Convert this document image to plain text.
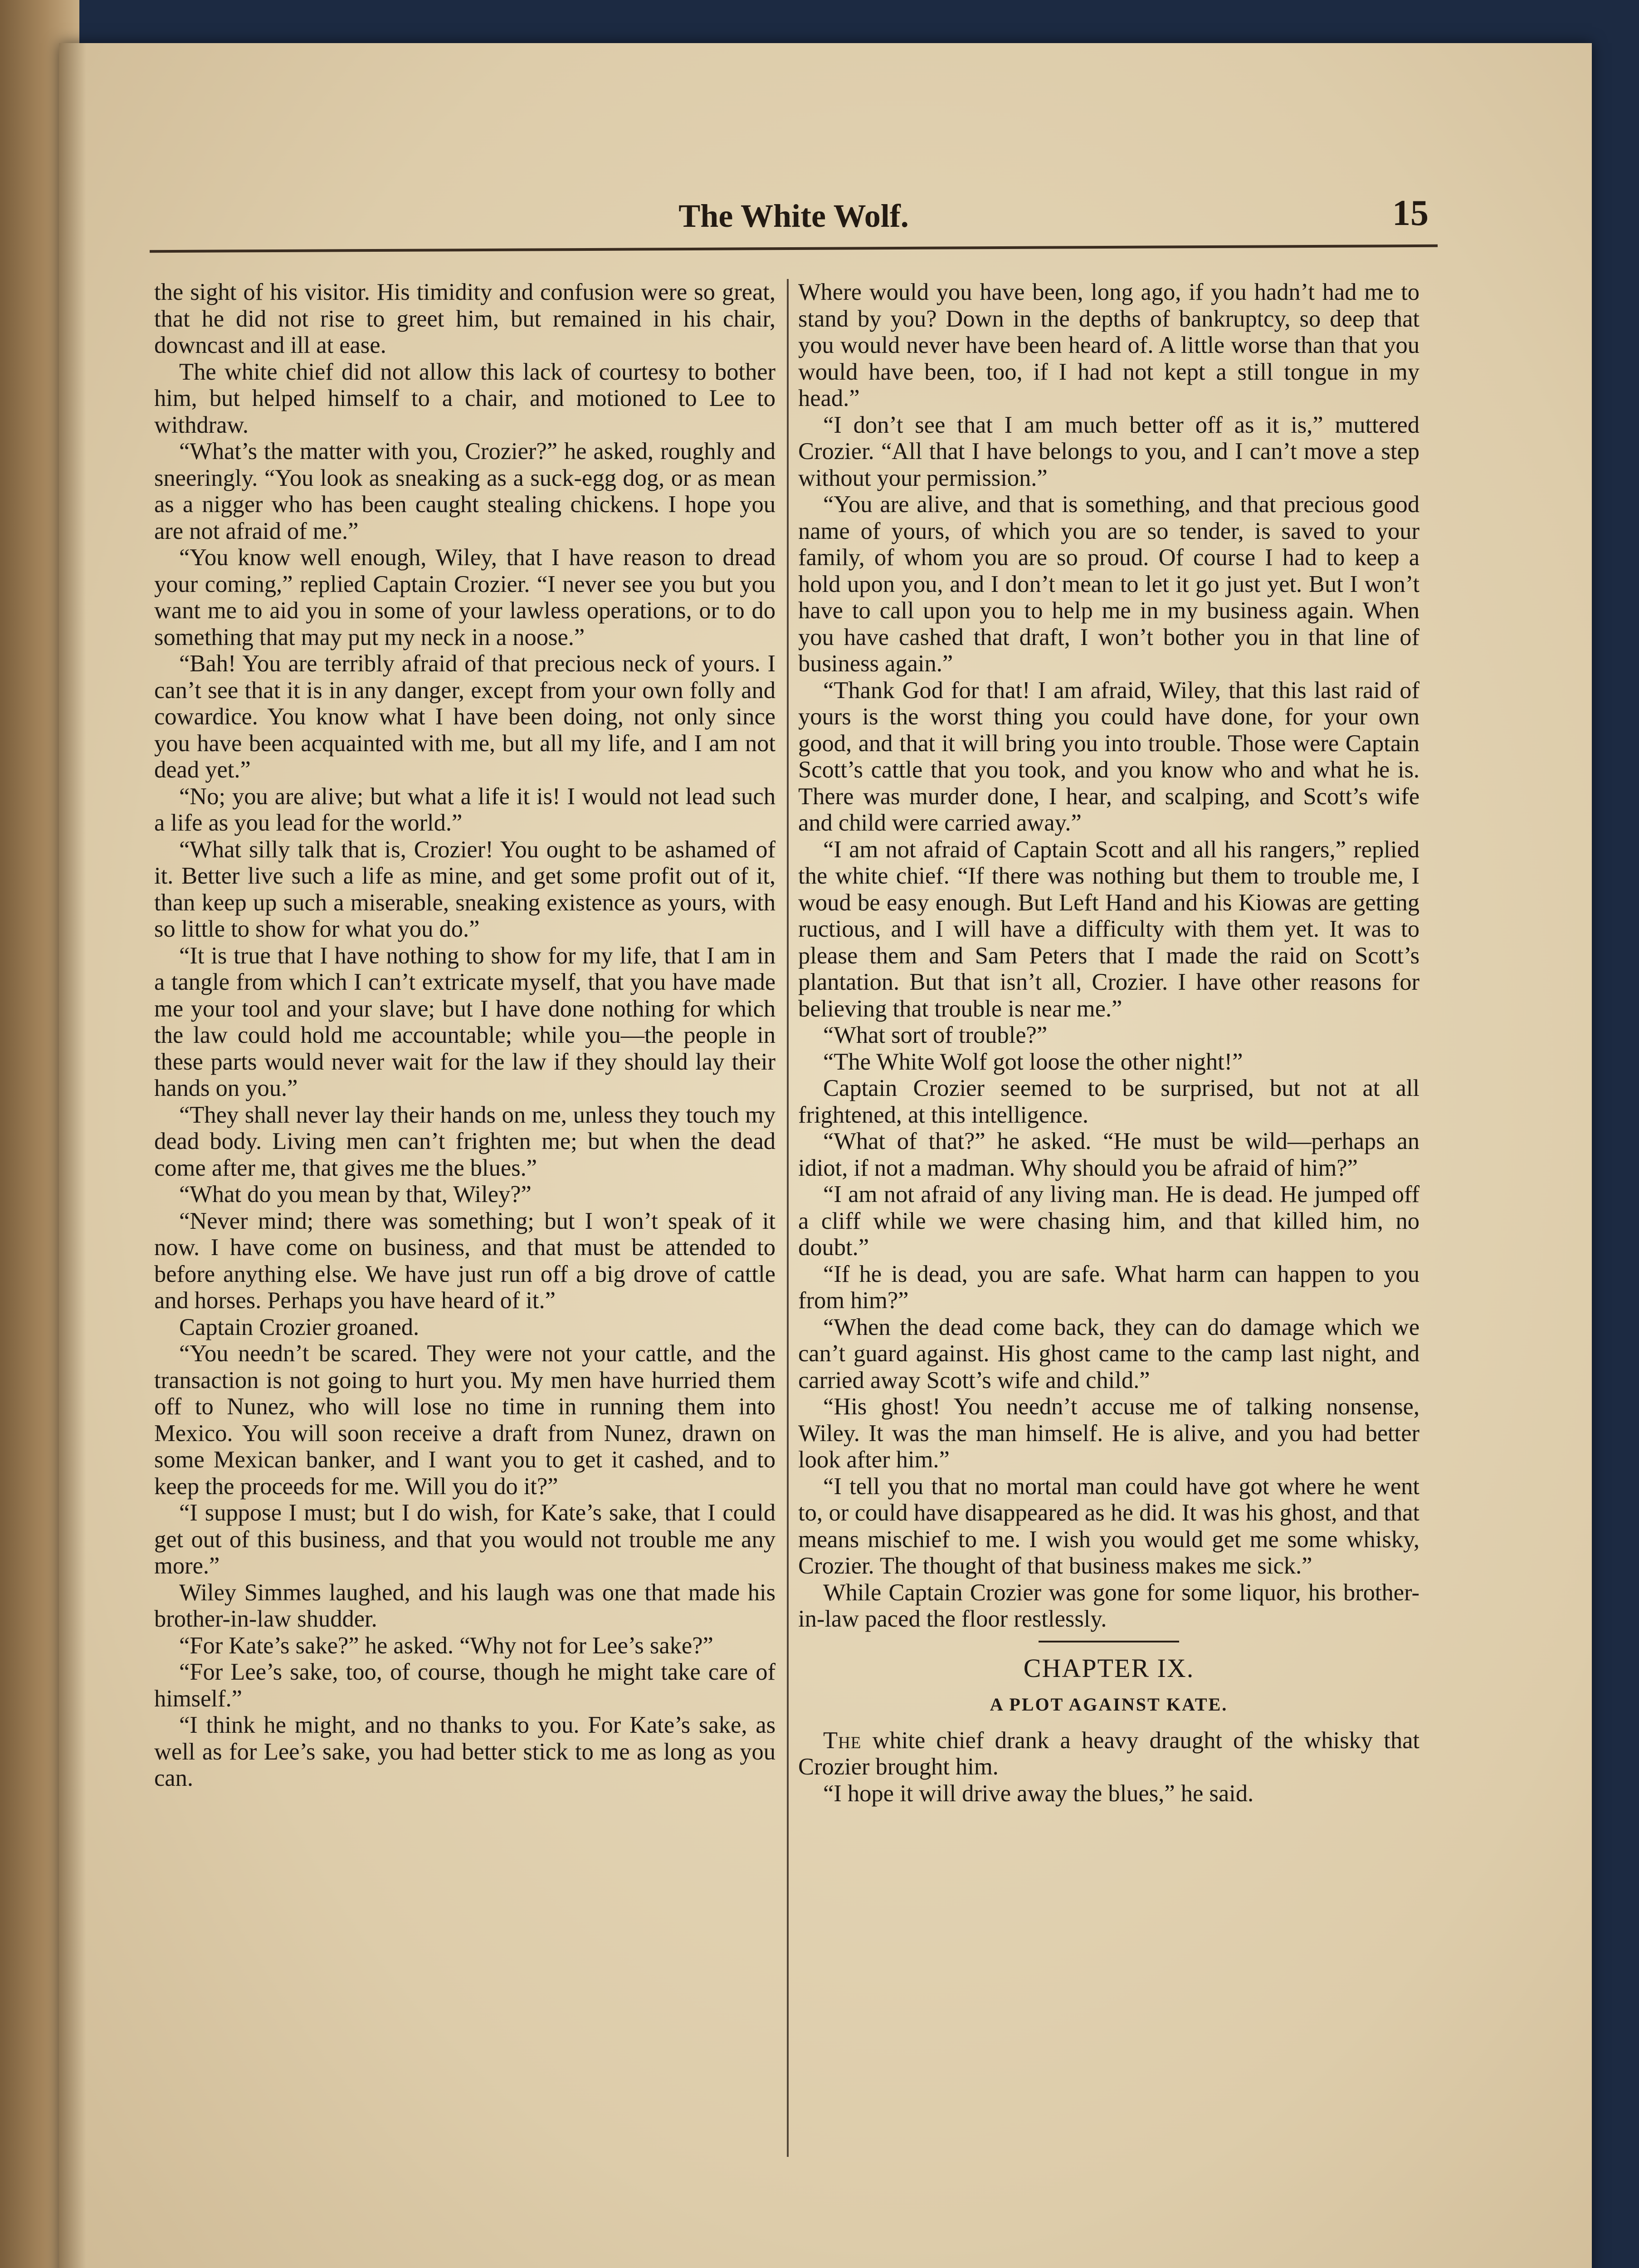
The White Wolf.	15

the sight of his visitor. His timidity and confusion were so great, that he did not rise to greet him, but remained in his chair, downcast and ill at ease.

The white chief did not allow this lack of courtesy to bother him, but helped himself to a chair, and motioned to Lee to withdraw.

“What’s the matter with you, Crozier?” he asked, roughly and sneeringly. “You look as sneaking as a suck-egg dog, or as mean as a nigger who has been caught stealing chickens. I hope you are not afraid of me.”

“You know well enough, Wiley, that I have reason to dread your coming,” replied Captain Crozier. “I never see you but you want me to aid you in some of your lawless operations, or to do something that may put my neck in a noose.”

“Bah! You are terribly afraid of that precious neck of yours. I can’t see that it is in any danger, except from your own folly and cowardice. You know what I have been doing, not only since you have been acquainted with me, but all my life, and I am not dead yet.”

“No; you are alive; but what a life it is! I would not lead such a life as you lead for the world.”

“What silly talk that is, Crozier! You ought to be ashamed of it. Better live such a life as mine, and get some profit out of it, than keep up such a miserable, sneaking existence as yours, with so little to show for what you do.”

“It is true that I have nothing to show for my life, that I am in a tangle from which I can’t extricate myself, that you have made me your tool and your slave; but I have done nothing for which the law could hold me accountable; while you—the people in these parts would never wait for the law if they should lay their hands on you.”

“They shall never lay their hands on me, unless they touch my dead body. Living men can’t frighten me; but when the dead come after me, that gives me the blues.”

“What do you mean by that, Wiley?”

“Never mind; there was something; but I won’t speak of it now. I have come on business, and that must be attended to before anything else. We have just run off a big drove of cattle and horses. Perhaps you have heard of it.”

Captain Crozier groaned.

“You needn’t be scared. They were not your cattle, and the transaction is not going to hurt you. My men have hurried them off to Nunez, who will lose no time in running them into Mexico. You will soon receive a draft from Nunez, drawn on some Mexican banker, and I want you to get it cashed, and to keep the proceeds for me. Will you do it?”

“I suppose I must; but I do wish, for Kate’s sake, that I could get out of this business, and that you would not trouble me any more.”

Wiley Simmes laughed, and his laugh was one that made his brother-in-law shudder.

“For Kate’s sake?” he asked. “Why not for Lee’s sake?”

“For Lee’s sake, too, of course, though he might take care of himself.”

“I think he might, and no thanks to you. For Kate’s sake, as well as for Lee’s sake, you had better stick to me as long as you can.

Where would you have been, long ago, if you hadn’t had me to stand by you? Down in the depths of bankruptcy, so deep that you would never have been heard of. A little worse than that you would have been, too, if I had not kept a still tongue in my head.”

“I don’t see that I am much better off as it is,” muttered Crozier. “All that I have belongs to you, and I can’t move a step without your permission.”

“You are alive, and that is something, and that precious good name of yours, of which you are so tender, is saved to your family, of whom you are so proud. Of course I had to keep a hold upon you, and I don’t mean to let it go just yet. But I won’t have to call upon you to help me in my business again. When you have cashed that draft, I won’t bother you in that line of business again.”

“Thank God for that! I am afraid, Wiley, that this last raid of yours is the worst thing you could have done, for your own good, and that it will bring you into trouble. Those were Captain Scott’s cattle that you took, and you know who and what he is. There was murder done, I hear, and scalping, and Scott’s wife and child were carried away.”

“I am not afraid of Captain Scott and all his rangers,” replied the white chief. “If there was nothing but them to trouble me, I woud be easy enough. But Left Hand and his Kiowas are getting ructious, and I will have a difficulty with them yet. It was to please them and Sam Peters that I made the raid on Scott’s plantation. But that isn’t all, Crozier. I have other reasons for believing that trouble is near me.”

“What sort of trouble?”

“The White Wolf got loose the other night!”

Captain Crozier seemed to be surprised, but not at all frightened, at this intelligence.

“What of that?” he asked. “He must be wild—perhaps an idiot, if not a madman. Why should you be afraid of him?”

“I am not afraid of any living man. He is dead. He jumped off a cliff while we were chasing him, and that killed him, no doubt.”

“If he is dead, you are safe. What harm can happen to you from him?”

“When the dead come back, they can do damage which we can’t guard against. His ghost came to the camp last night, and carried away Scott’s wife and child.”

“His ghost! You needn’t accuse me of talking nonsense, Wiley. It was the man himself. He is alive, and you had better look after him.”

“I tell you that no mortal man could have got where he went to, or could have disappeared as he did. It was his ghost, and that means mischief to me. I wish you would get me some whisky, Crozier. The thought of that business makes me sick.”

While Captain Crozier was gone for some liquor, his brother-in-law paced the floor restlessly.

CHAPTER IX.

A PLOT AGAINST KATE.

The white chief drank a heavy draught of the whisky that Crozier brought him.

“I hope it will drive away the blues,” he said.
